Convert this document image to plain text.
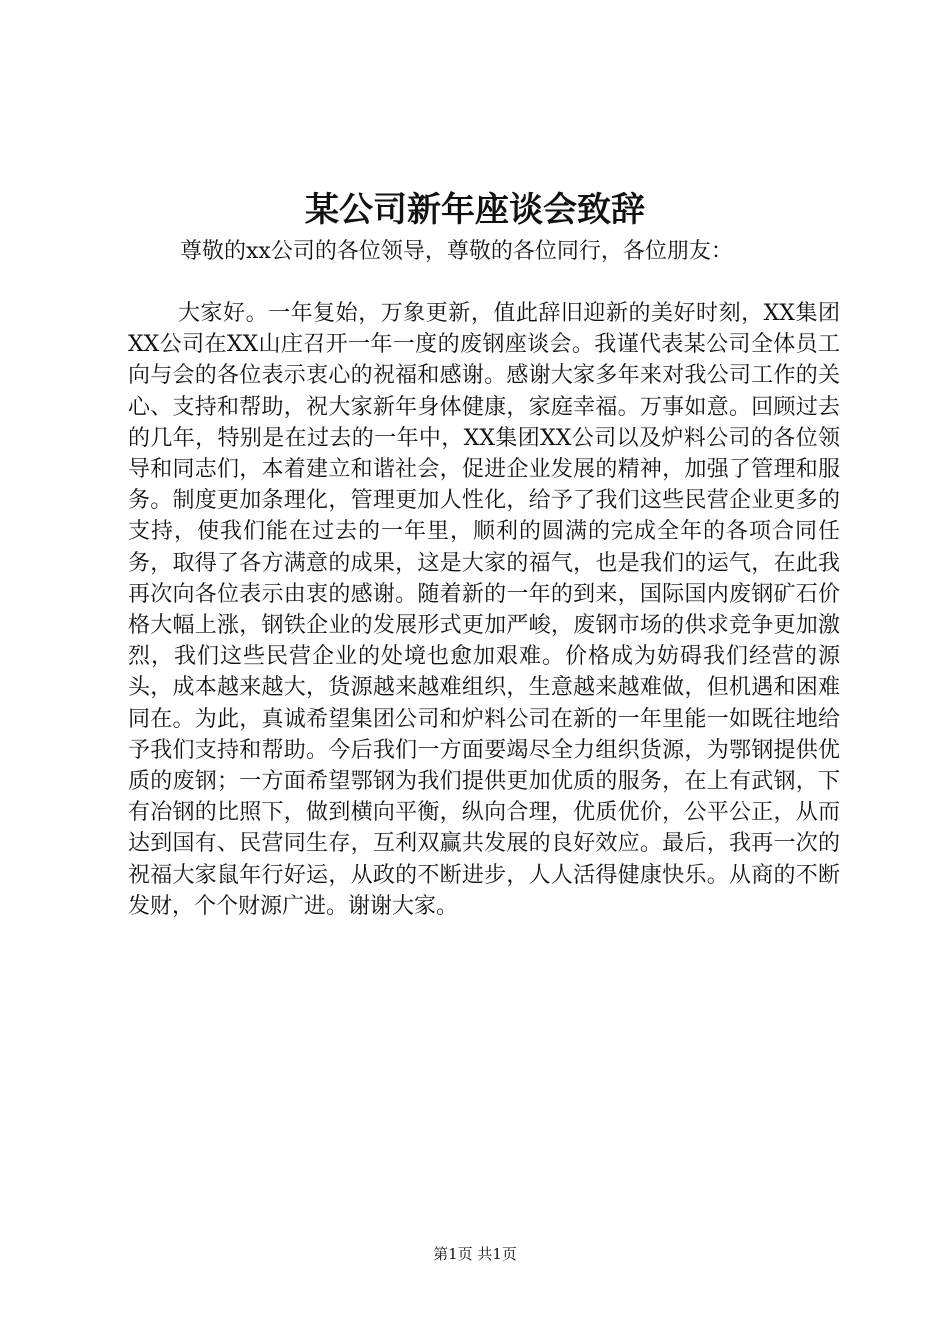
某公司新年座谈会致辞

尊敬的xx公司的各位领导，尊敬的各位同行，各位朋友：

大家好。一年复始，万象更新，值此辞旧迎新的美好时刻，XX集团XX公司在XX山庄召开一年一度的废钢座谈会。我谨代表某公司全体员工向与会的各位表示衷心的祝福和感谢。感谢大家多年来对我公司工作的关心、支持和帮助，祝大家新年身体健康，家庭幸福。万事如意。回顾过去的几年，特别是在过去的一年中，XX集团XX公司以及炉料公司的各位领导和同志们，本着建立和谐社会，促进企业发展的精神，加强了管理和服务。制度更加条理化，管理更加人性化，给予了我们这些民营企业更多的支持，使我们能在过去的一年里，顺利的圆满的完成全年的各项合同任务，取得了各方满意的成果，这是大家的福气，也是我们的运气，在此我再次向各位表示由衷的感谢。随着新的一年的到来，国际国内废钢矿石价格大幅上涨，钢铁企业的发展形式更加严峻，废钢市场的供求竞争更加激烈，我们这些民营企业的处境也愈加艰难。价格成为妨碍我们经营的源头，成本越来越大，货源越来越难组织，生意越来越难做，但机遇和困难同在。为此，真诚希望集团公司和炉料公司在新的一年里能一如既往地给予我们支持和帮助。今后我们一方面要竭尽全力组织货源，为鄂钢提供优质的废钢；一方面希望鄂钢为我们提供更加优质的服务，在上有武钢，下有冶钢的比照下，做到横向平衡，纵向合理，优质优价，公平公正，从而达到国有、民营同生存，互利双赢共发展的良好效应。最后，我再一次的祝福大家鼠年行好运，从政的不断进步，人人活得健康快乐。从商的不断发财，个个财源广进。谢谢大家。

第1页 共1页
